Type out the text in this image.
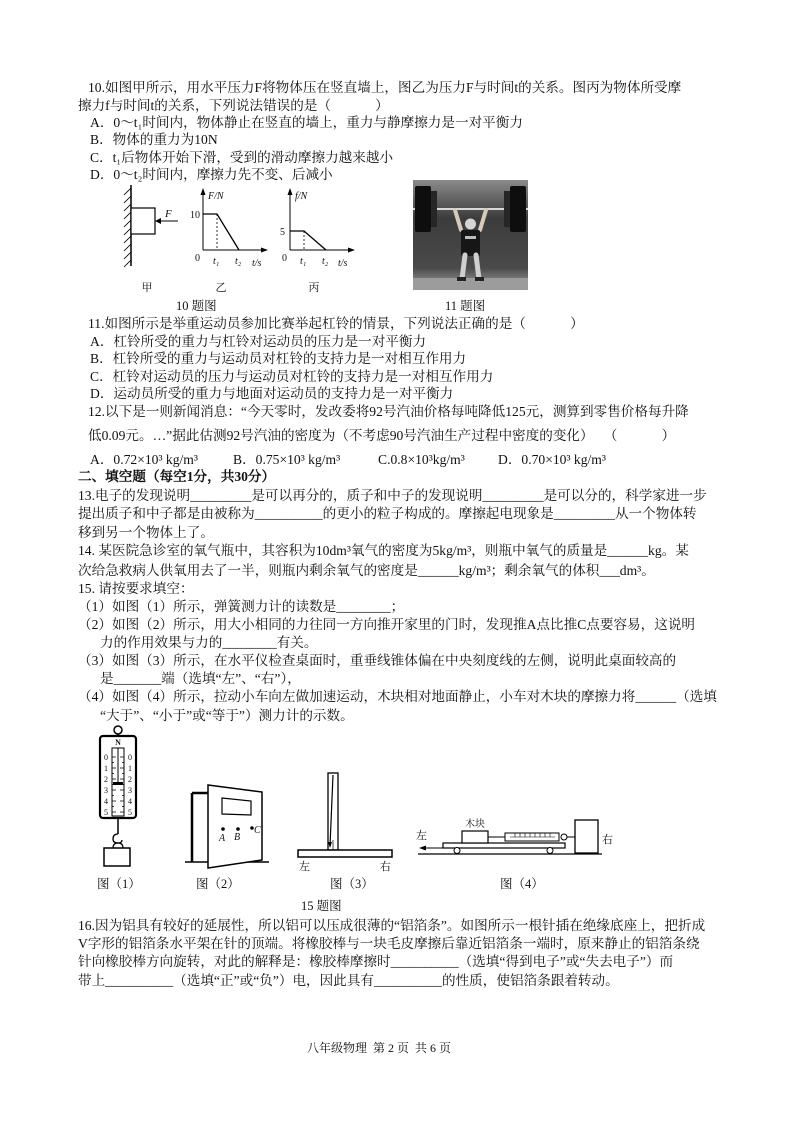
10.如图甲所示，用水平压力F将物体压在竖直墙上，图乙为压力F与时间t的关系。图丙为物体所受摩
擦力f与时间t的关系，下列说法错误的是（             ）
A．0～t₁时间内，物体静止在竖直的墙上，重力与静摩擦力是一对平衡力
B．物体的重力为10N
C．t₁后物体开始下滑，受到的滑动摩擦力越来越小
D．0～t₂时间内，摩擦力先不变、后减小
F
甲
F/N
10
0 t₁ t₂ t/s
乙
f/N
5
0 t₁ t₂ t/s
丙
10 题图	11 题图
11.如图所示是举重运动员参加比赛举起杠铃的情景，下列说法正确的是（             ）
A．杠铃所受的重力与杠铃对运动员的压力是一对平衡力
B．杠铃所受的重力与运动员对杠铃的支持力是一对相互作用力
C．杠铃对运动员的压力与运动员对杠铃的支持力是一对相互作用力
D．运动员所受的重力与地面对运动员的支持力是一对平衡力
12.以下是一则新闻消息：“今天零时，发改委将92号汽油价格每吨降低125元，测算到零售价格每升降
低0.09元。…”据此估测92号汽油的密度为（不考虑90号汽油生产过程中密度的变化）   （             ）
A．0.72×10³ kg/m³	B．0.75×10³ kg/m³	C.0.8×10³kg/m³ D．0.70×10³ kg/m³
二、填空题（每空1分，共30分）
13.电子的发现说明_________是可以再分的，质子和中子的发现说明_________是可以分的，科学家进一步
提出质子和中子都是由被称为__________的更小的粒子构成的。摩擦起电现象是_________从一个物体转
移到另一个物体上了。
14. 某医院急诊室的氧气瓶中，其容积为10dm³氧气的密度为5kg/m³，则瓶中氧气的质量是______kg。某
次给急救病人供氧用去了一半，则瓶内剩余氧气的密度是______kg/m³；剩余氧气的体积___dm³。
15. 请按要求填空：
（1）如图（1）所示，弹簧测力计的读数是________；
（2）如图（2）所示，用大小相同的力往同一方向推开家里的门时，发现推A点比推C点要容易，这说明
力的作用效果与力的________有关。
（3）如图（3）所示，在水平仪检查桌面时，重垂线锥体偏在中央刻度线的左侧，说明此桌面较高的
是_______端（选填“左”、“右”），
（4）如图（4）所示，拉动小车向左做加速运动，木块相对地面静止，小车对木块的摩擦力将______（选填
“大于”、“小于”或“等于”）测力计的示数。
N
0
1
2
3
4
5
0
1
2
3
4
5
A B
C
左	右
左
木块
右
图（1）	图（2）	图（3）	图（4）
15 题图
16.因为铝具有较好的延展性，所以铝可以压成很薄的“铝箔条”。如图所示一根针插在绝缘底座上，把折成
V字形的铝箔条水平架在针的顶端。将橡胶棒与一块毛皮摩擦后靠近铝箔条一端时，原来静止的铝箔条绕
针向橡胶棒方向旋转，对此的解释是：橡胶棒摩擦时__________（选填“得到电子”或“失去电子”）而
带上__________（选填“正”或“负”）电，因此具有__________的性质，使铝箔条跟着转动。
八年级物理  第 2 页  共 6 页
